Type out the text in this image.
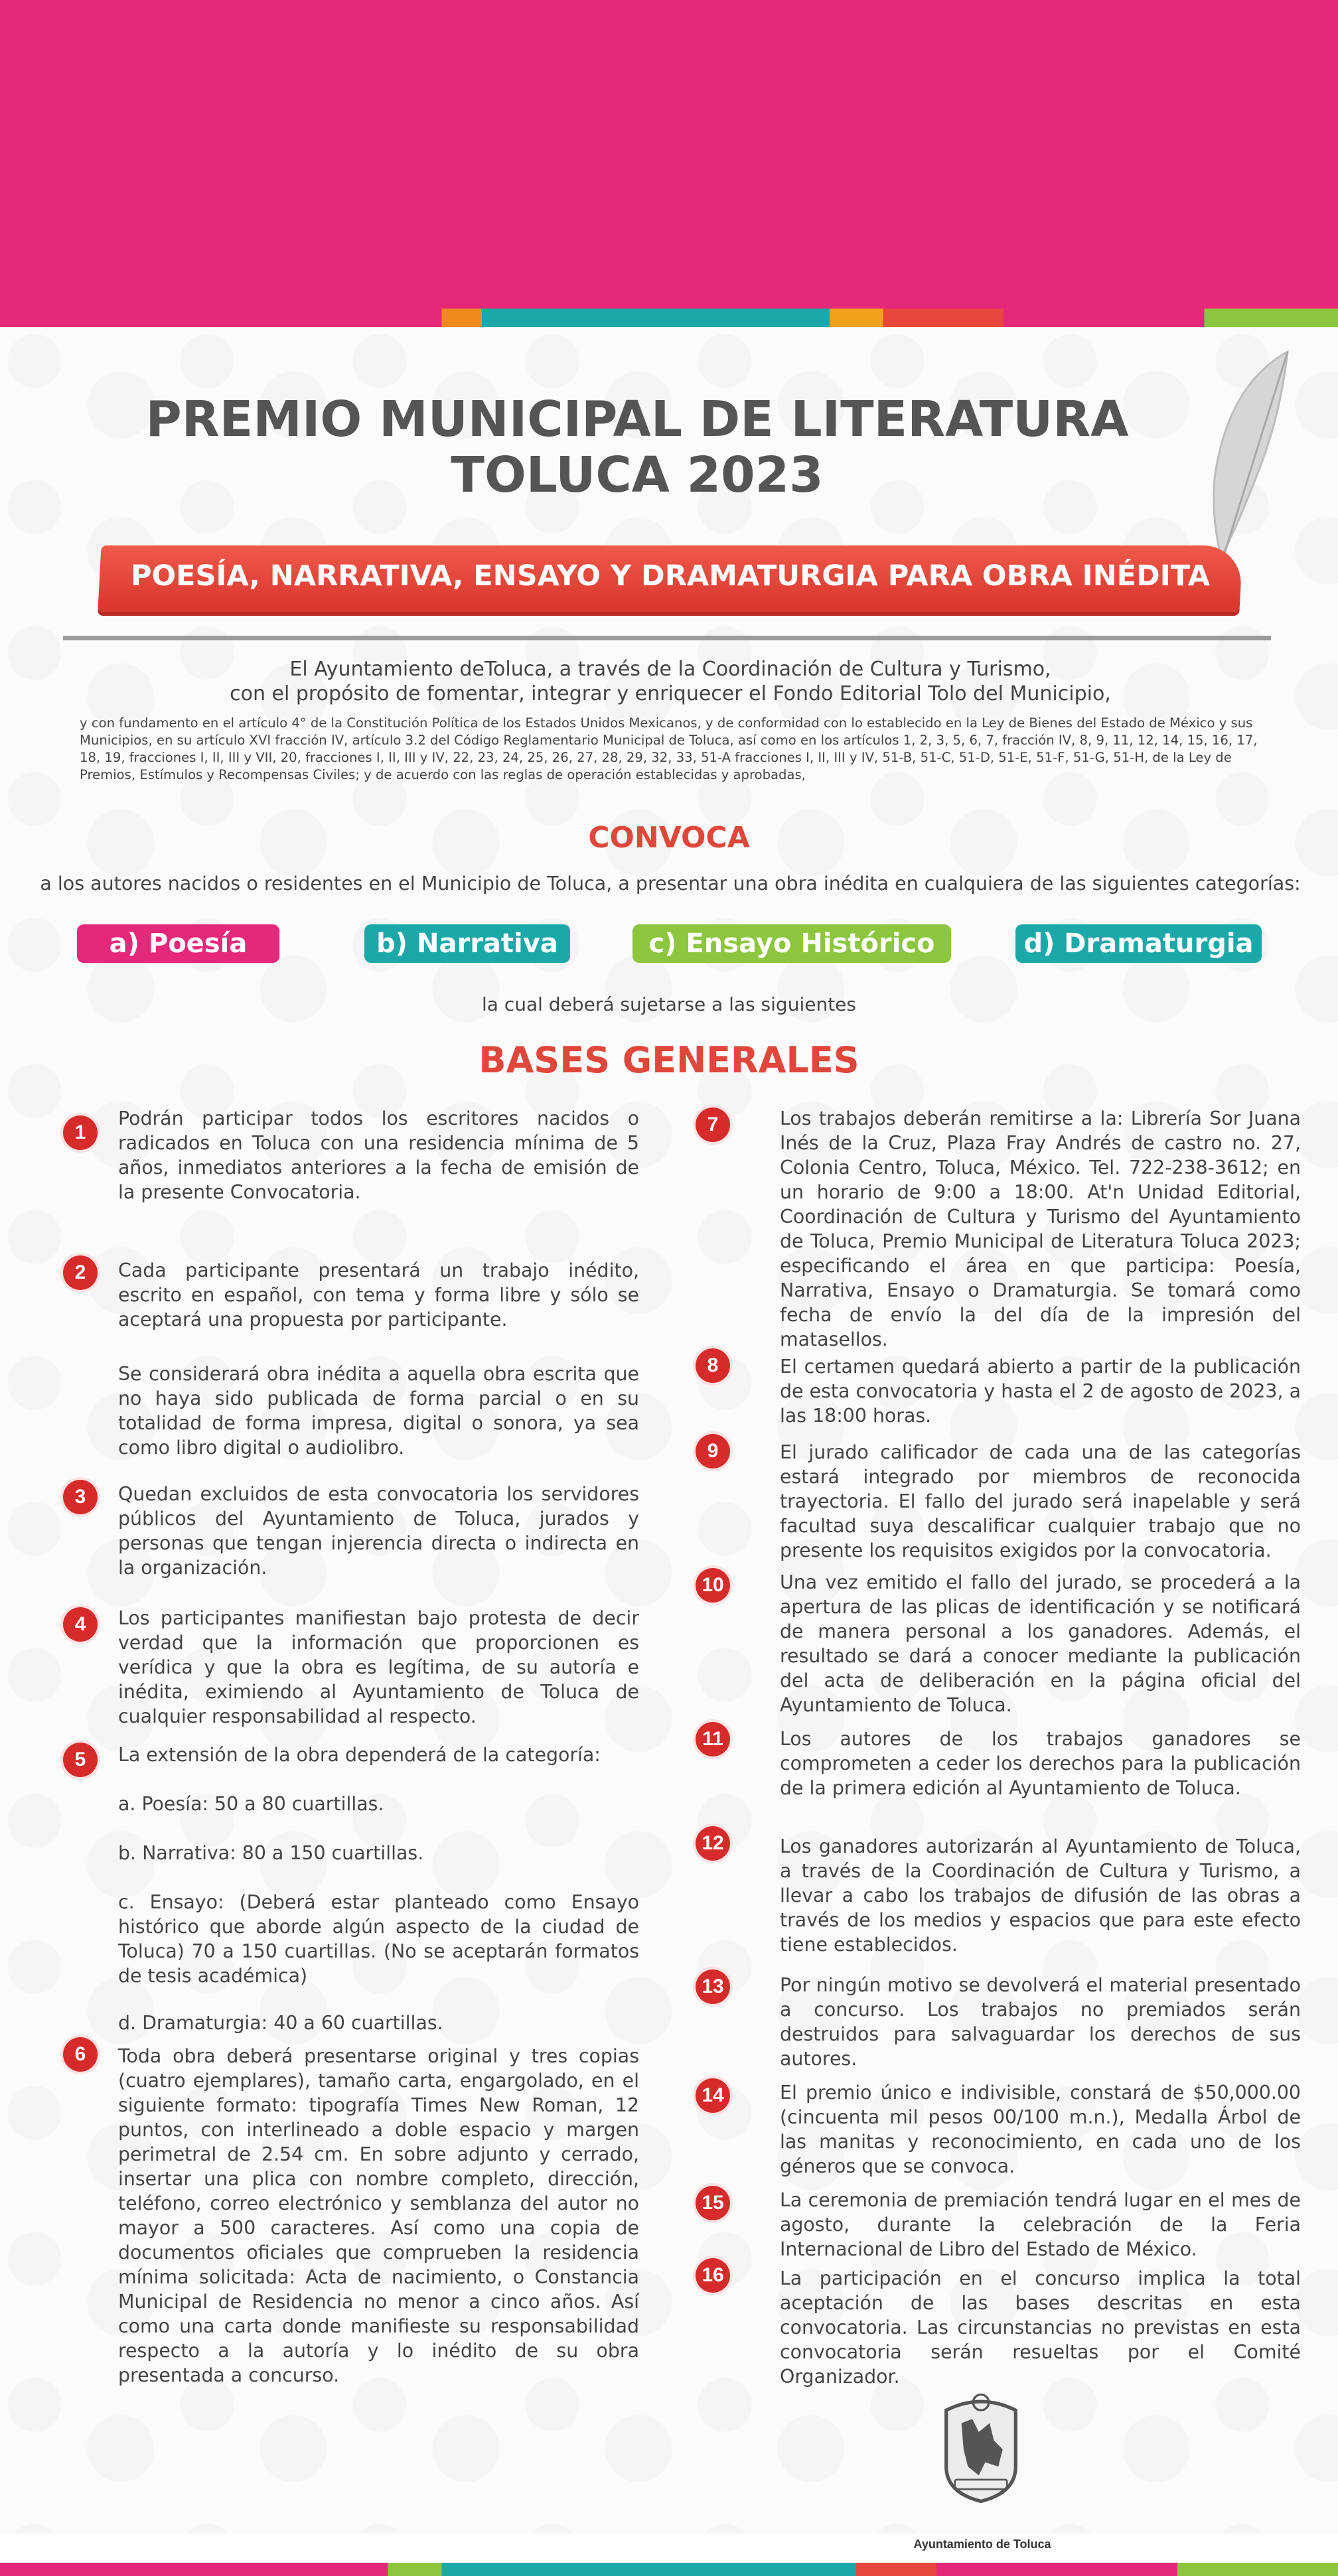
PREMIO MUNICIPAL DE LITERATURA
TOLUCA 2023
POESÍA, NARRATIVA, ENSAYO Y DRAMATURGIA PARA OBRA INÉDITA
El Ayuntamiento deToluca, a través de la Coordinación de Cultura y Turismo,
con el propósito de fomentar, integrar y enriquecer el Fondo Editorial Tolo del Municipio,
y con fundamento en el artículo 4° de la Constitución Política de los Estados Unidos Mexicanos, y de conformidad con lo establecido en la Ley de Bienes del Estado de México y sus Municipios, en su artículo XVI fracción IV, artículo 3.2 del Código Reglamentario Municipal de Toluca, así como en los artículos 1, 2, 3, 5, 6, 7, fracción IV, 8, 9, 11, 12, 14, 15, 16, 17, 18, 19, fracciones I, II, III y VII, 20, fracciones I, II, III y IV, 22, 23, 24, 25, 26, 27, 28, 29, 32, 33, 51-A fracciones I, II, III y IV, 51-B, 51-C, 51-D, 51-E, 51-F, 51-G, 51-H, de la Ley de Premios, Estímulos y Recompensas Civiles; y de acuerdo con las reglas de operación establecidas y aprobadas,
CONVOCA
a los autores nacidos o residentes en el Municipio de Toluca, a presentar una obra inédita en cualquiera de las siguientes categorías:
a) Poesía	b) Narrativa	c) Ensayo Histórico	d) Dramaturgia
la cual deberá sujetarse a las siguientes
BASES GENERALES
1
Podrán participar todos los escritores nacidos o radicados en Toluca con una residencia mínima de 5 años, inmediatos anteriores a la fecha de emisión de la presente Convocatoria.
2	Cada participante presentará un trabajo inédito, escrito en español, con tema y forma libre y sólo se aceptará una propuesta por participante.
Se considerará obra inédita a aquella obra escrita que no haya sido publicada de forma parcial o en su totalidad de forma impresa, digital o sonora, ya sea como libro digital o audiolibro.
3	Quedan excluidos de esta convocatoria los servidores públicos del Ayuntamiento de Toluca, jurados y personas que tengan injerencia directa o indirecta en la organización.
4	Los participantes manifiestan bajo protesta de decir verdad que la información que proporcionen es verídica y que la obra es legítima, de su autoría e inédita, eximiendo al Ayuntamiento de Toluca de cualquier responsabilidad al respecto.
5	La extensión de la obra dependerá de la categoría:
a. Poesía: 50 a 80 cuartillas.
b. Narrativa: 80 a 150 cuartillas.
c. Ensayo: (Deberá estar planteado como Ensayo histórico que aborde algún aspecto de la ciudad de Toluca) 70 a 150 cuartillas. (No se aceptarán formatos de tesis académica)
d. Dramaturgia: 40 a 60 cuartillas.
6	Toda obra deberá presentarse original y tres copias (cuatro ejemplares), tamaño carta, engargolado, en el siguiente formato: tipografía Times New Roman, 12 puntos, con interlineado a doble espacio y margen perimetral de 2.54 cm. En sobre adjunto y cerrado, insertar una plica con nombre completo, dirección, teléfono, correo electrónico y semblanza del autor no mayor a 500 caracteres. Así como una copia de documentos oficiales que comprueben la residencia mínima solicitada: Acta de nacimiento, o Constancia Municipal de Residencia no menor a cinco años. Así como una carta donde manifieste su responsabilidad respecto a la autoría y lo inédito de su obra presentada a concurso.
7	Los trabajos deberán remitirse a la: Librería Sor Juana Inés de la Cruz, Plaza Fray Andrés de castro no. 27, Colonia Centro, Toluca, México. Tel. 722-238-3612; en un horario de 9:00 a 18:00. At'n Unidad Editorial, Coordinación de Cultura y Turismo del Ayuntamiento de Toluca, Premio Municipal de Literatura Toluca 2023; especificando el área en que participa: Poesía, Narrativa, Ensayo o Dramaturgia. Se tomará como fecha de envío la del día de la impresión del matasellos.
8	El certamen quedará abierto a partir de la publicación de esta convocatoria y hasta el 2 de agosto de 2023, a las 18:00 horas.
9	El jurado calificador de cada una de las categorías estará integrado por miembros de reconocida trayectoria. El fallo del jurado será inapelable y será facultad suya descalificar cualquier trabajo que no presente los requisitos exigidos por la convocatoria.
10	Una vez emitido el fallo del jurado, se procederá a la apertura de las plicas de identificación y se notificará de manera personal a los ganadores. Además, el resultado se dará a conocer mediante la publicación del acta de deliberación en la página oficial del Ayuntamiento de Toluca.
11	Los autores de los trabajos ganadores se comprometen a ceder los derechos para la publicación de la primera edición al Ayuntamiento de Toluca.
12	Los ganadores autorizarán al Ayuntamiento de Toluca, a través de la Coordinación de Cultura y Turismo, a llevar a cabo los trabajos de difusión de las obras a través de los medios y espacios que para este efecto tiene establecidos.
13	Por ningún motivo se devolverá el material presentado a concurso. Los trabajos no premiados serán destruidos para salvaguardar los derechos de sus autores.
14	El premio único e indivisible, constará de $50,000.00 (cincuenta mil pesos 00/100 m.n.), Medalla Árbol de las manitas y reconocimiento, en cada uno de los géneros que se convoca.
15	La ceremonia de premiación tendrá lugar en el mes de agosto, durante la celebración de la Feria Internacional de Libro del Estado de México.
16	La participación en el concurso implica la total aceptación de las bases descritas en esta convocatoria. Las circunstancias no previstas en esta convocatoria serán resueltas por el Comité Organizador.
Ayuntamiento de Toluca
